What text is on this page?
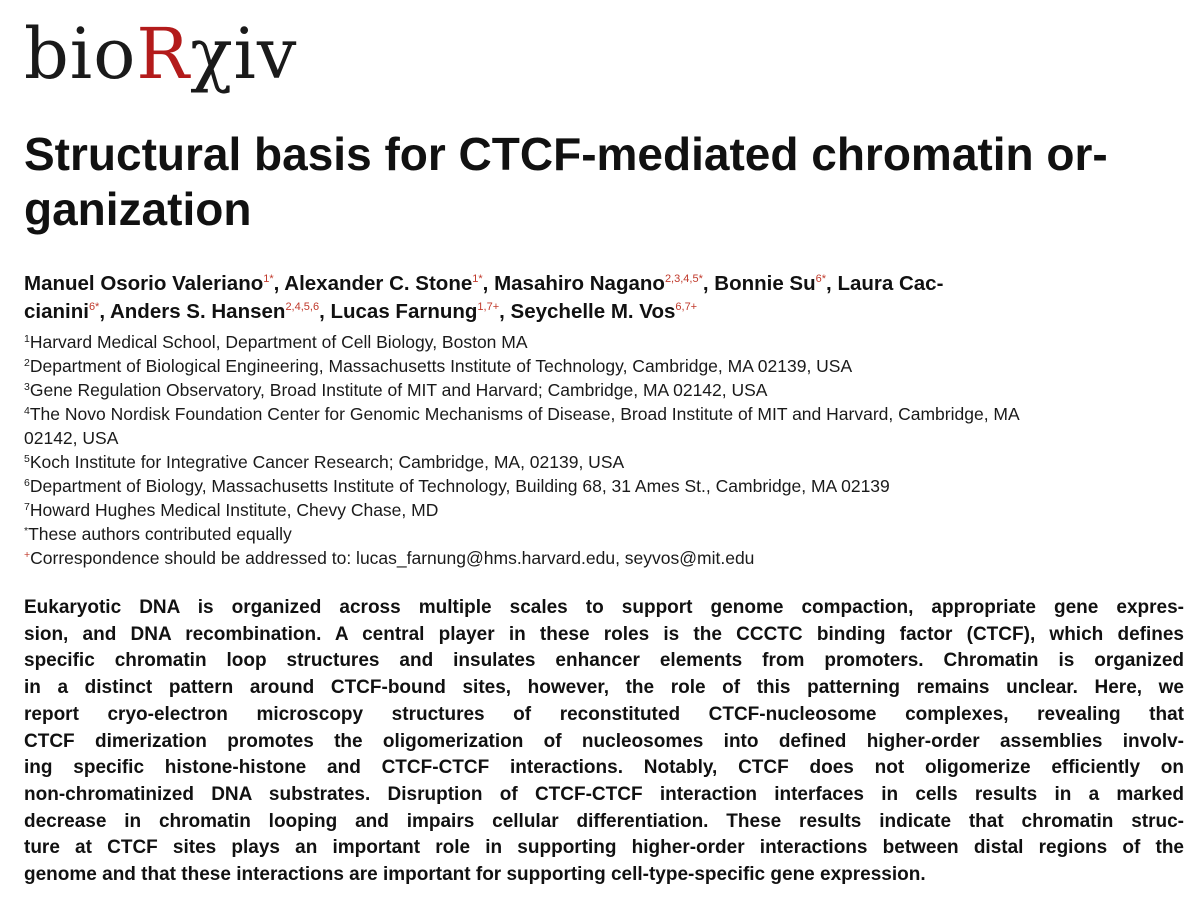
bioRχiv
Structural basis for CTCF-mediated chromatin or-
ganization
Manuel Osorio Valeriano$^{1*}$, Alexander C. Stone$^{1*}$, Masahiro Nagano$^{2,3,4,5*}$, Bonnie $Su^{6*}$, Laura Cac-
cianini$^{6*}$, Anders S. Hansen$^{2,4,5,6}$, Lucas Farnung$^{1,7+}$, Seychelle M. Vos$^{6,7+}$
$^1$Harvard Medical School, Department of Cell Biology, Boston MA
$^2$Department of Biological Engineering, Massachusetts Institute of Technology, Cambridge, MA 02139, USA
$^3$Gene Regulation Observatory, Broad Institute of MIT and Harvard; Cambridge, MA 02142, USA
$^4$The Novo Nordisk Foundation Center for Genomic Mechanisms of Disease, Broad Institute of MIT and Harvard, Cambridge, MA
02142, USA
$^5$Koch Institute for Integrative Cancer Research; Cambridge, MA, 02139, USA
$^6$Department of Biology, Massachusetts Institute of Technology, Building 68, 31 Ames St., Cambridge, MA 02139
$^7$Howard Hughes Medical Institute, Chevy Chase, MD
*These authors contributed equally
+Correspondence should be addressed to: lucas_farnung@hms.harvard.edu, seyvos@mit.edu
Eukaryotic DNA is organized across multiple scales to support genome compaction, appropriate gene expres-
sion, and DNA recombination. A central player in these roles is the CCCTC binding factor (CTCF), which defines
specific chromatin loop structures and insulates enhancer elements from promoters. Chromatin is organized
in a distinct pattern around CTCF-bound sites, however, the role of this patterning remains unclear. Here, we
report cryo-electron microscopy structures of reconstituted CTCF-nucleosome complexes, revealing that
CTCF dimerization promotes the oligomerization of nucleosomes into defined higher-order assemblies involv-
ing specific histone-histone and CTCF-CTCF interactions. Notably, CTCF does not oligomerize efficiently on
non-chromatinized DNA substrates. Disruption of CTCF-CTCF interaction interfaces in cells results in a marked
decrease in chromatin looping and impairs cellular differentiation. These results indicate that chromatin struc-
ture at CTCF sites plays an important role in supporting higher-order interactions between distal regions of the
genome and that these interactions are important for supporting cell-type-specific gene expression.
